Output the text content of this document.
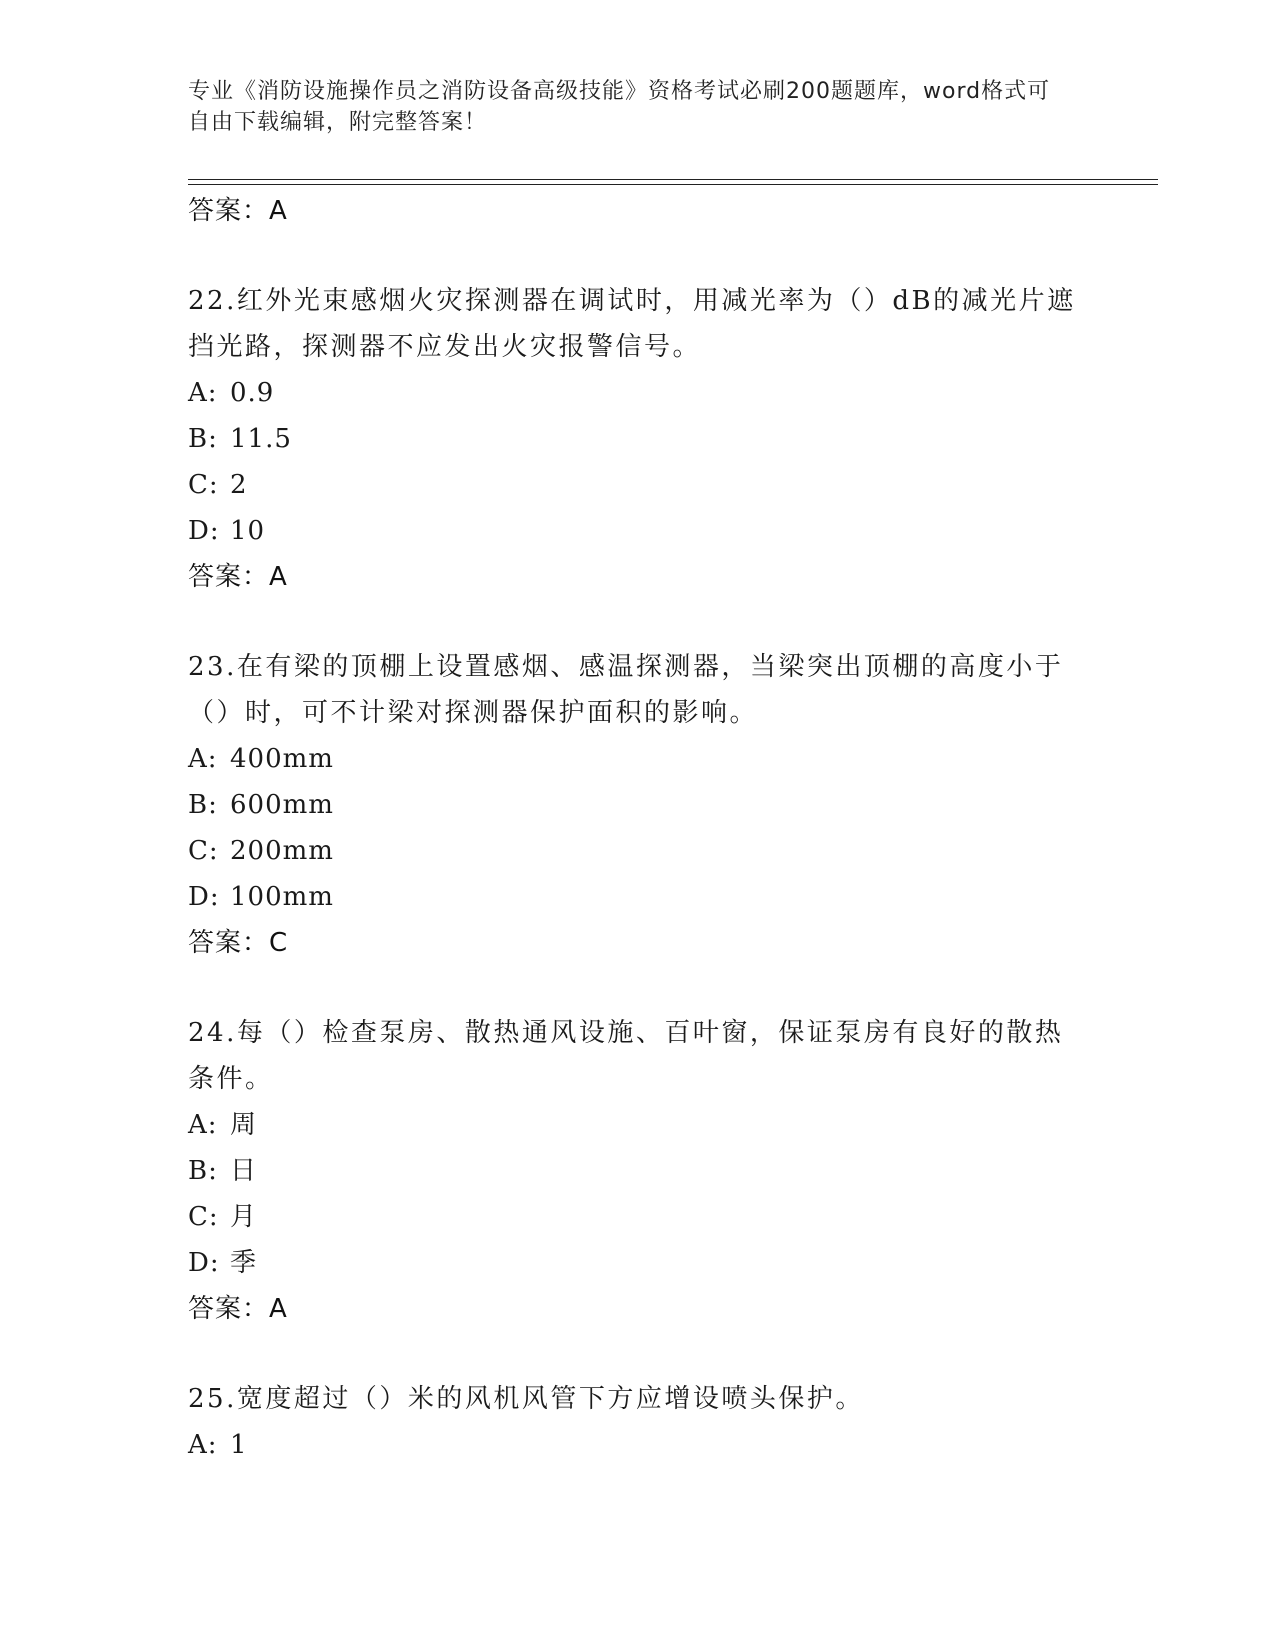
专业《消防设施操作员之消防设备高级技能》资格考试必刷200题题库，word格式可自由下载编辑，附完整答案！
答案：A
22.红外光束感烟火灾探测器在调试时，用减光率为（）dB的减光片遮挡光路，探测器不应发出火灾报警信号。
A: 0.9
B: 11.5
C: 2
D: 10
答案：A
23.在有梁的顶棚上设置感烟、感温探测器，当梁突出顶棚的高度小于（）时，可不计梁对探测器保护面积的影响。
A: 400mm
B: 600mm
C: 200mm
D: 100mm
答案：C
24.每（）检查泵房、散热通风设施、百叶窗，保证泵房有良好的散热条件。
A: 周
B: 日
C: 月
D: 季
答案：A
25.宽度超过（）米的风机风管下方应增设喷头保护。
A: 1
